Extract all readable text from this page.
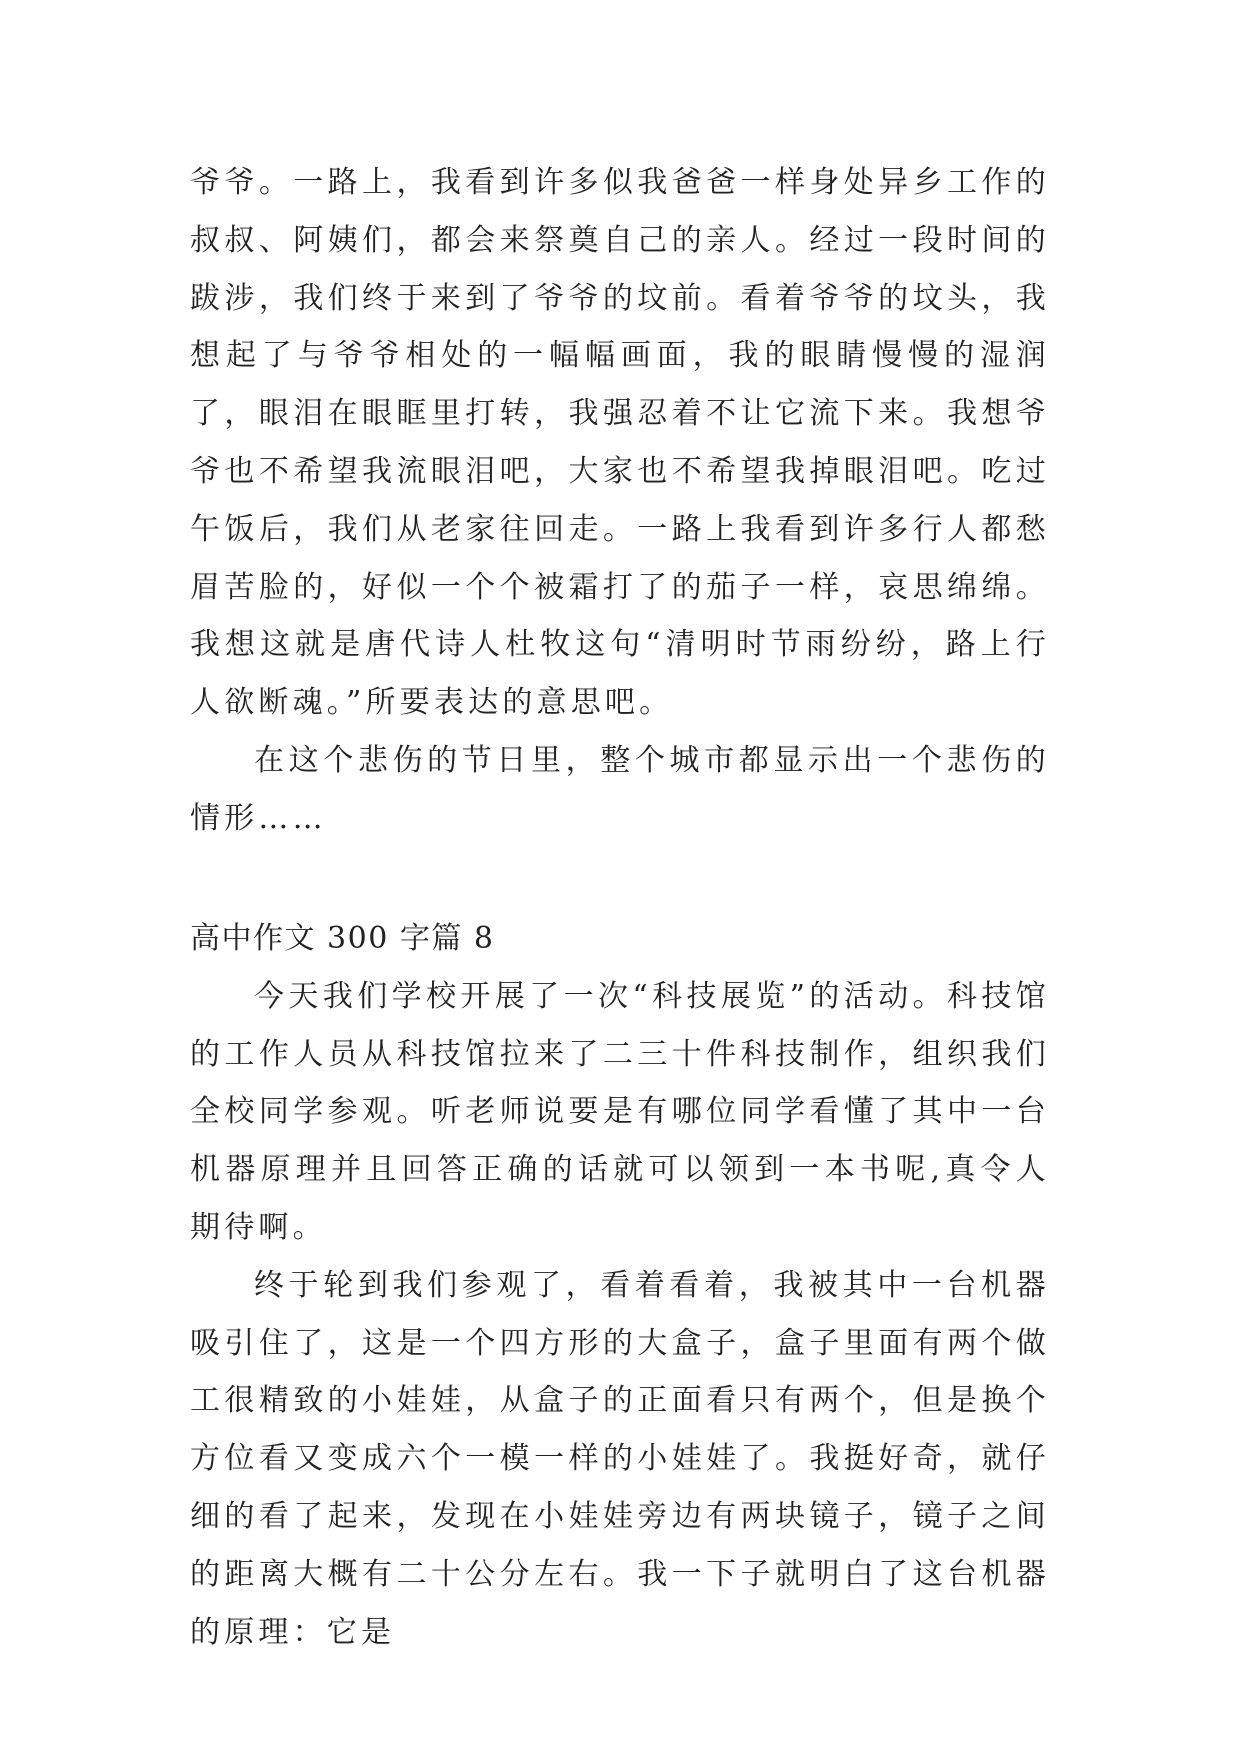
爷爷。一路上，我看到许多似我爸爸一样身处异乡工作的叔叔、阿姨们，都会来祭奠自己的亲人。经过一段时间的跋涉，我们终于来到了爷爷的坟前。看着爷爷的坟头，我想起了与爷爷相处的一幅幅画面，我的眼睛慢慢的湿润了，眼泪在眼眶里打转，我强忍着不让它流下来。我想爷爷也不希望我流眼泪吧，大家也不希望我掉眼泪吧。吃过午饭后，我们从老家往回走。一路上我看到许多行人都愁眉苦脸的，好似一个个被霜打了的茄子一样，哀思绵绵。我想这就是唐代诗人杜牧这句“清明时节雨纷纷，路上行人欲断魂。”所要表达的意思吧。

在这个悲伤的节日里，整个城市都显示出一个悲伤的情形……

高中作文 300 字篇 8

今天我们学校开展了一次“科技展览”的活动。科技馆的工作人员从科技馆拉来了二三十件科技制作，组织我们全校同学参观。听老师说要是有哪位同学看懂了其中一台机器原理并且回答正确的话就可以领到一本书呢,真令人期待啊。

终于轮到我们参观了，看着看着，我被其中一台机器吸引住了，这是一个四方形的大盒子，盒子里面有两个做工很精致的小娃娃，从盒子的正面看只有两个，但是换个方位看又变成六个一模一样的小娃娃了。我挺好奇，就仔细的看了起来，发现在小娃娃旁边有两块镜子，镜子之间的距离大概有二十公分左右。我一下子就明白了这台机器的原理：它是
